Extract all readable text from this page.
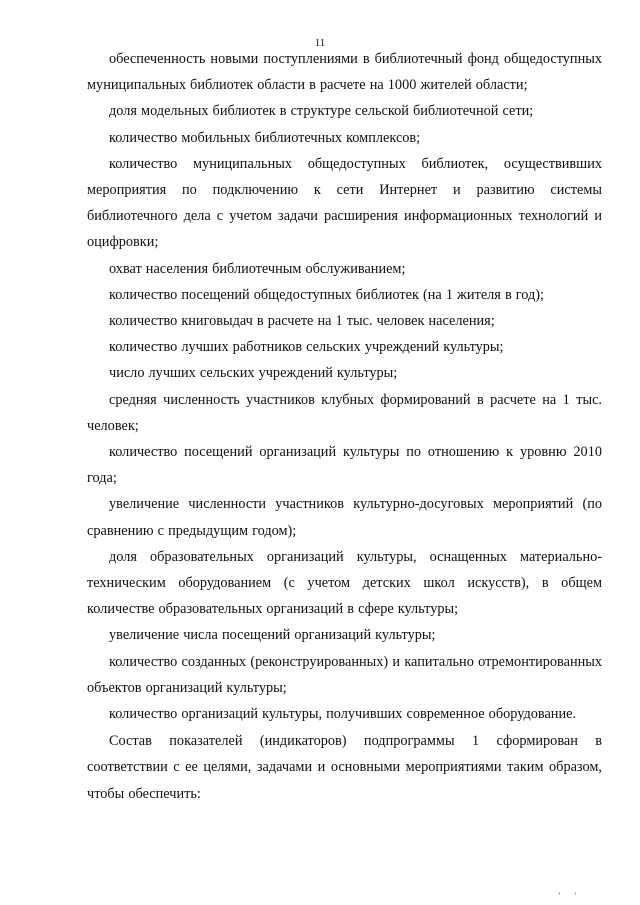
11

обеспеченность новыми поступлениями в библиотечный фонд общедоступных муниципальных библиотек области в расчете на 1000 жителей области;

доля модельных библиотек в структуре сельской библиотечной сети;

количество мобильных библиотечных комплексов;

количество муниципальных общедоступных библиотек, осуществивших мероприятия по подключению к сети Интернет и развитию системы библиотечного дела с учетом задачи расширения информационных технологий и оцифровки;

охват населения библиотечным обслуживанием;

количество посещений общедоступных библиотек (на 1 жителя в год);

количество книговыдач в расчете на 1 тыс. человек населения;

количество лучших работников сельских учреждений культуры;

число лучших сельских учреждений культуры;

средняя численность участников клубных формирований в расчете на 1 тыс. человек;

количество посещений организаций культуры по отношению к уровню 2010 года;

увеличение численности участников культурно-досуговых мероприятий (по сравнению с предыдущим годом);

доля образовательных организаций культуры, оснащенных материально-техническим оборудованием (с учетом детских школ искусств), в общем количестве образовательных организаций в сфере культуры;

увеличение числа посещений организаций культуры;

количество созданных (реконструированных) и капитально отремонтированных объектов организаций культуры;

количество организаций культуры, получивших современное оборудование.

Состав показателей (индикаторов) подпрограммы 1 сформирован в соответствии с ее целями, задачами и основными мероприятиями таким образом, чтобы обеспечить:

' '
